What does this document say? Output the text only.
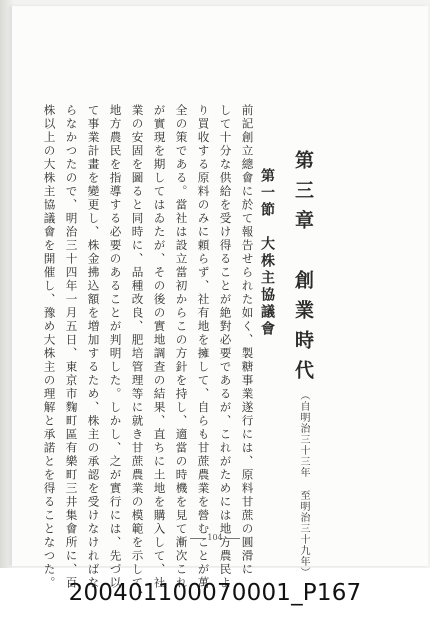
第三章　創業時代（自明治三十三年 至明治三十九年）
第一節　大株主協議會
前記創立總會に於て報告せられた如く、製糖事業遂行には、原料甘蔗の圓滑に
して十分な供給を受け得ることが絶對必要であるが、これがためには地方農民よ
り買收する原料のみに頼らず、社有地を擁して、自らも甘蔗農業を營むことが萬
全の策である。當社は設立當初からこの方針を持し、適當の時機を見て漸次これ
が實現を期してはゐたが、その後の實地調査の結果、直ちに土地を購入して、社
業の安固を圖ると同時に、品種改良、肥培管理等に就き甘蔗農業の模範を示して、
地方農民を指導する必要のあることが判明した。しかし、之が實行には、先づ以
て事業計畫を變更し、株金拂込額を増加するため、株主の承認を受けなければな
らなかつたので、明治三十四年一月五日、東京市麴町區有樂町三井集會所に、百
株以上の大株主協議會を開催し、豫め大株主の理解と承諾とを得ることなつた。	104
200401100070001_P167
